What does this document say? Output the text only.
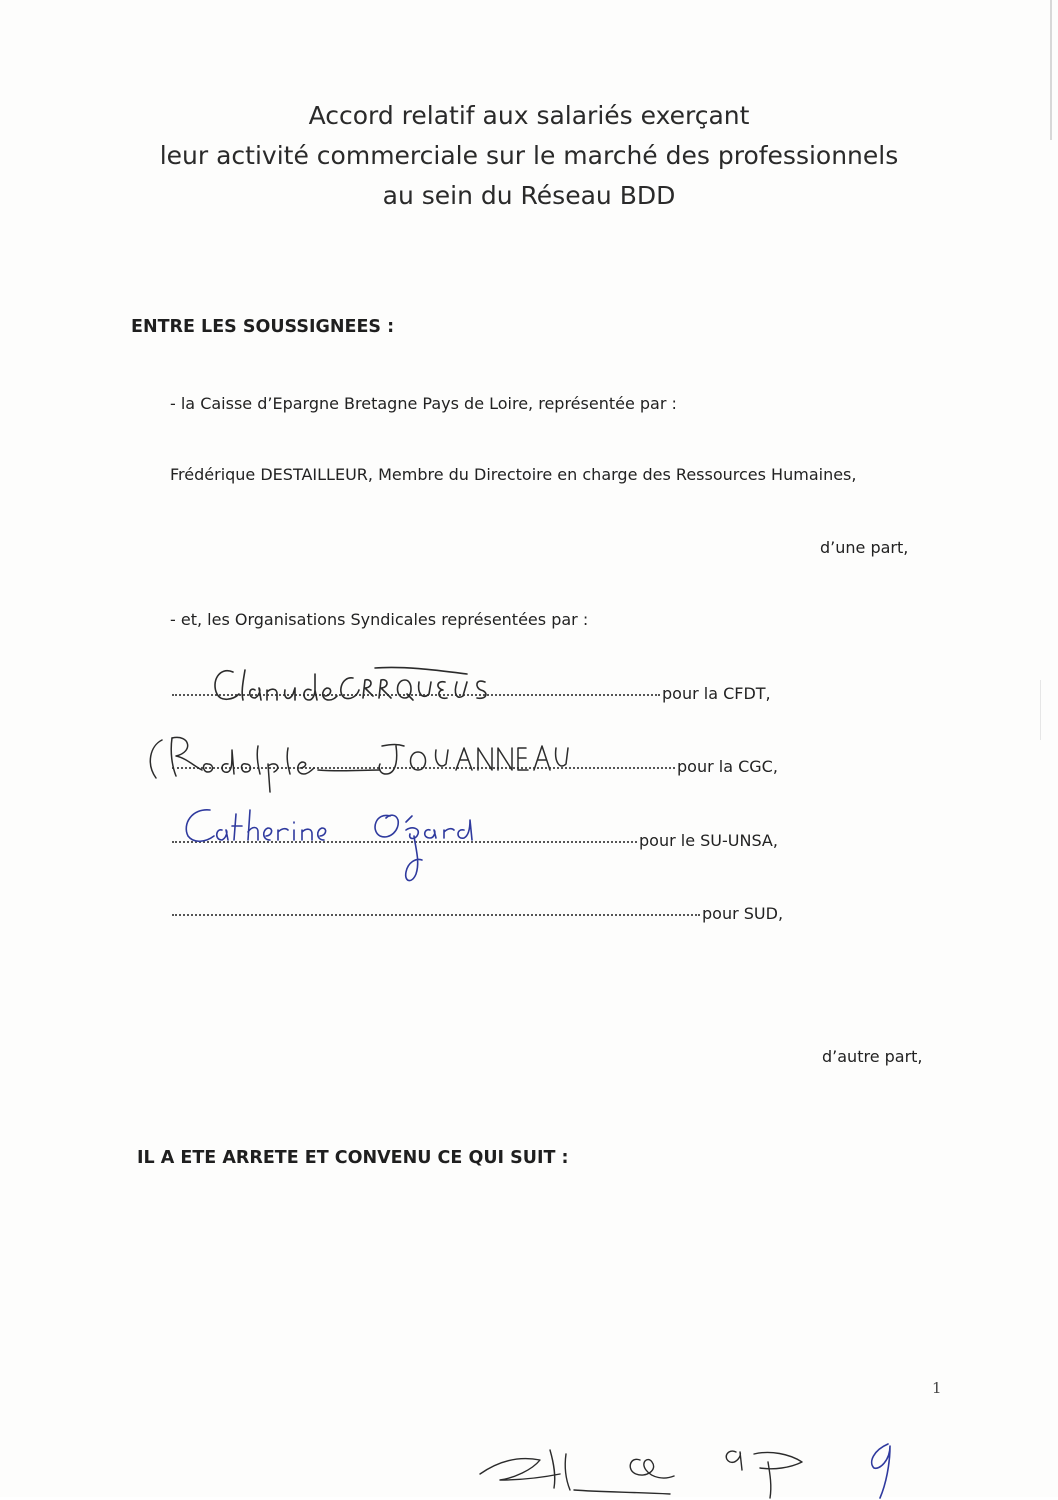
Accord relatif aux salariés exerçant
leur activité commerciale sur le marché des professionnels
au sein du Réseau BDD
ENTRE LES SOUSSIGNEES :
- la Caisse d’Epargne Bretagne Pays de Loire, représentée par :
Frédérique DESTAILLEUR, Membre du Directoire en charge des Ressources Humaines,
d’une part,
- et, les Organisations Syndicales représentées par :
pour la CFDT,
pour la CGC,
pour le SU-UNSA,
pour SUD,
d’autre part,
IL A ETE ARRETE ET CONVENU CE QUI SUIT :
1
